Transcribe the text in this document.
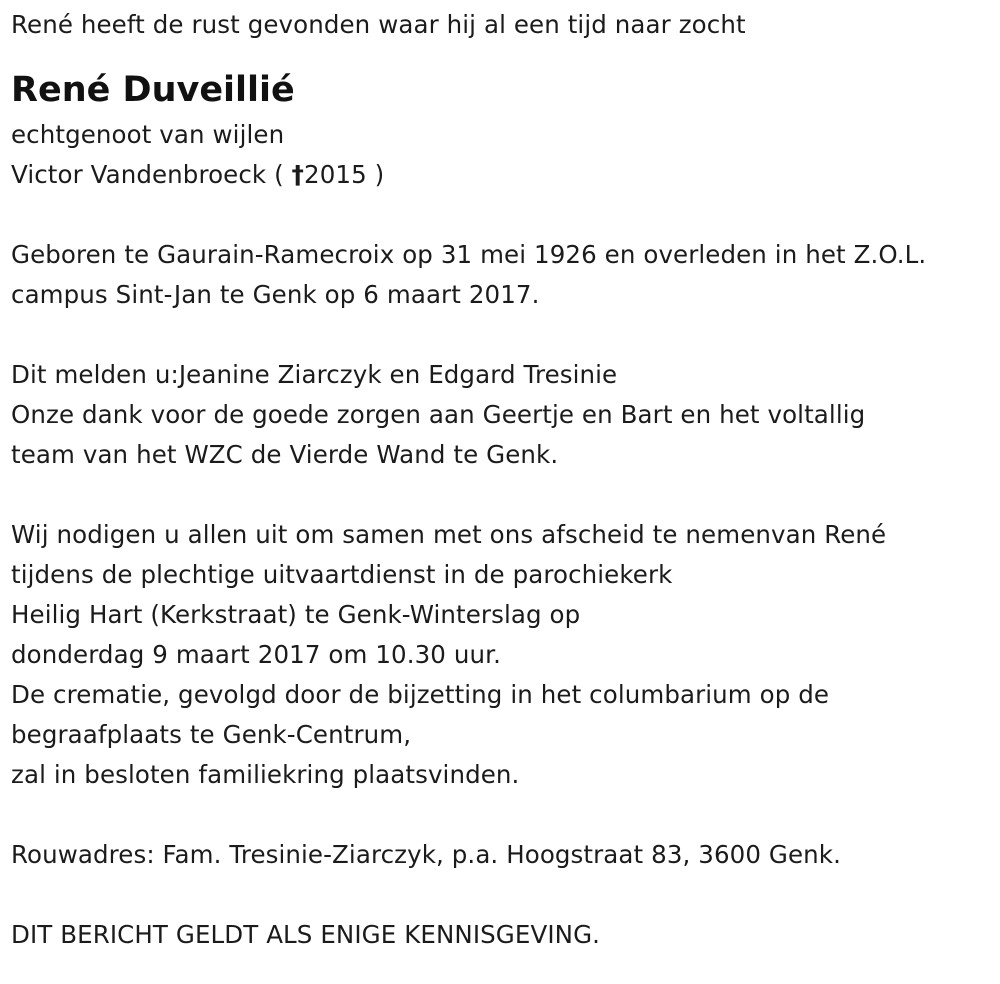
René heeft de rust gevonden waar hij al een tijd naar zocht
René Duveillié
echtgenoot van wijlen
Victor Vandenbroeck ( †2015 )
Geboren te Gaurain-Ramecroix op 31 mei 1926 en overleden in het Z.O.L.
campus Sint-Jan te Genk op 6 maart 2017.
Dit melden u:Jeanine Ziarczyk en Edgard Tresinie
Onze dank voor de goede zorgen aan Geertje en Bart en het voltallig
team van het WZC de Vierde Wand te Genk.
Wij nodigen u allen uit om samen met ons afscheid te nemenvan René
tijdens de plechtige uitvaartdienst in de parochiekerk
Heilig Hart (Kerkstraat) te Genk-Winterslag op
donderdag 9 maart 2017 om 10.30 uur.
De crematie, gevolgd door de bijzetting in het columbarium op de
begraafplaats te Genk-Centrum,
zal in besloten familiekring plaatsvinden.
Rouwadres: Fam. Tresinie-Ziarczyk, p.a. Hoogstraat 83, 3600 Genk.
DIT BERICHT GELDT ALS ENIGE KENNISGEVING.
